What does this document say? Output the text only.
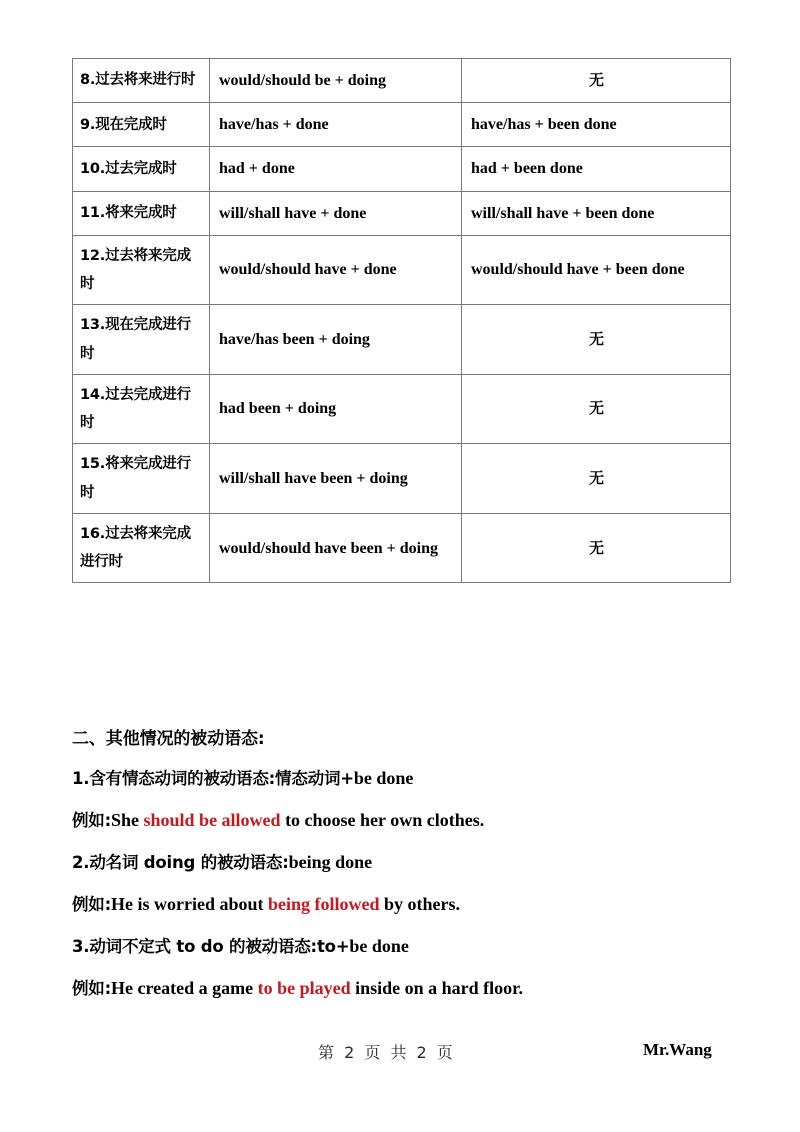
8.过去将来进行时	would/should be + doing	无
9.现在完成时	have/has + done	have/has + been done
10.过去完成时	had + done	had + been done
11.将来完成时	will/shall have + done	will/shall have + been done
12.过去将来完成时	would/should have + done	would/should have + been done
13.现在完成进行时	have/has been + doing	无
14.过去完成进行时	had been + doing	无
15.将来完成进行时	will/shall have been + doing	无
16.过去将来完成进行时	would/should have been + doing	无

二、其他情况的被动语态:

1.含有情态动词的被动语态:情态动词+be done

例如:She should be allowed to choose her own clothes.

2.动名词 doing 的被动语态:being done

例如:He is worried about being followed by others.

3.动词不定式 to do 的被动语态:to+be done

例如:He created a game to be played inside on a hard floor.

第 2 页 共 2 页	Mr.Wang
